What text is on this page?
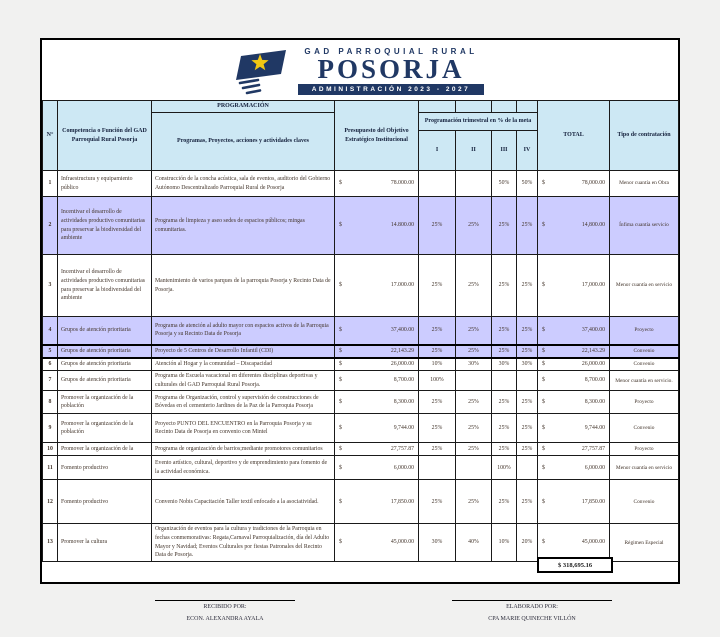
GAD PARROQUIAL RURAL
POSORJA
ADMINISTRACIÓN 2023 - 2027
N°	Competencia o Función del GAD Parroquial Rural Posorja	PROGRAMACIÓN	Presupuesto del Objetivo Estratégico Institucional					TOTAL	Tipo de contratación
		Programas, Proyectos, acciones y actividades claves		Programación trimestral en % de la meta					
				I	II	III	IV		
1	Infraestructura y equipamiento público	Construcción de la concha acústica, sala de eventos, auditorio del Gobierno Autónomo Descentralizado Parroquial Rural de Posorja	$ 78.000.00			50%	50%	$ 78,000.00	Menor cuantía en Obra
2	Incentivar el desarrollo de actividades productivo comunitarias para preservar la biodiversidad del ambiente	Programa de limpieza y aseo sedes de espacios públicos; mingas comunitarias.	$ 14.800.00	25%	25%	25%	25%	$ 14,800.00	Ínfima cuantía servicio
3	Incentivar el desarrollo de actividades productivo comunitarias para preservar la biodiversidad del ambiente	Mantenimiento de varios parques de la parroquia Posorja y Recinto Data de Posorja.	$ 17.000.00	25%	25%	25%	25%	$ 17,000.00	Menor cuantía en servicio
4	Grupos de atención prioritaria	Programa de atención al adulto mayor con espacios activos de la Parroquia Posorja y su Recinto Data de Posorja	$ 37,400.00	25%	25%	25%	25%	$ 37,400.00	Proyecto
5	Grupos de atención prioritaria	Proyecto de 5 Centros de Desarrollo Infantil (CDI)	$ 22,143.29	25%	25%	25%	25%	$ 22,143.29	Convenio
6	Grupos de atención prioritaria	Atención al Hogar y la comunidad – Discapacidad	$ 26,000.00	10%	30%	30%	30%	$ 26,000.00	Convenio
7	Grupos de atención prioritaria	Programa de Escuela vacacional en diferentes disciplinas deportivas y culturales del GAD Parroquial Rural Posorja.	$ 8,700.00	100%				$ 8,700.00	Menor cuantía en servicio.
8	Promover la organización de la población	Programa de Organización, control y supervisión de construcciones de Bóvedas en el cementerio Jardines de la Paz de la Parroquia Posorja	$ 8,300.00	25%	25%	25%	25%	$ 8,300.00	Proyecto
9	Promover la organización de la población	Proyecto PUNTO DEL ENCUENTRO en la Parroquia Posorja y su Recinto Data de Posorja en convenio con Mintel	$ 9,744.00	25%	25%	25%	25%	$ 9,744.00	Convenio
10	Promover la organización de la	Programa de organización de barrios;mediante promotores comunitarios	$ 27,757.87	25%	25%	25%	25%	$ 27,757.87	Proyecto
11	Fomento productivo	Evento artístico, cultural, deportivo y de emprendimiento para fomento de la actividad económica.	$ 6,000.00			100%		$ 6,000.00	Menor cuantía en servicio
12	Fomento productivo	Convenio Nobis Capacitación Taller textil enfocado a la asociatividad.	$ 17,850.00	25%	25%	25%	25%	$ 17,850.00	Convenio
13	Promover la cultura	Organización de eventos para la cultura y tradiciones de la Parroquia en fechas conmemorativas: Regata,Carnaval Parroquialización, día del Adulto Mayor y Navidad; Eventos Culturales por fiestas Patronales del Recinto Data de Posorja.	$ 45,000.00	30%	40%	10%	20%	$ 45,000.00	Régimen Especial
$ 318,695.16
RECIBIDO POR:
ECON. ALEXANDRA AYALA
ELABORADO POR:
CPA MARIE QUINECHE VILLÓN
